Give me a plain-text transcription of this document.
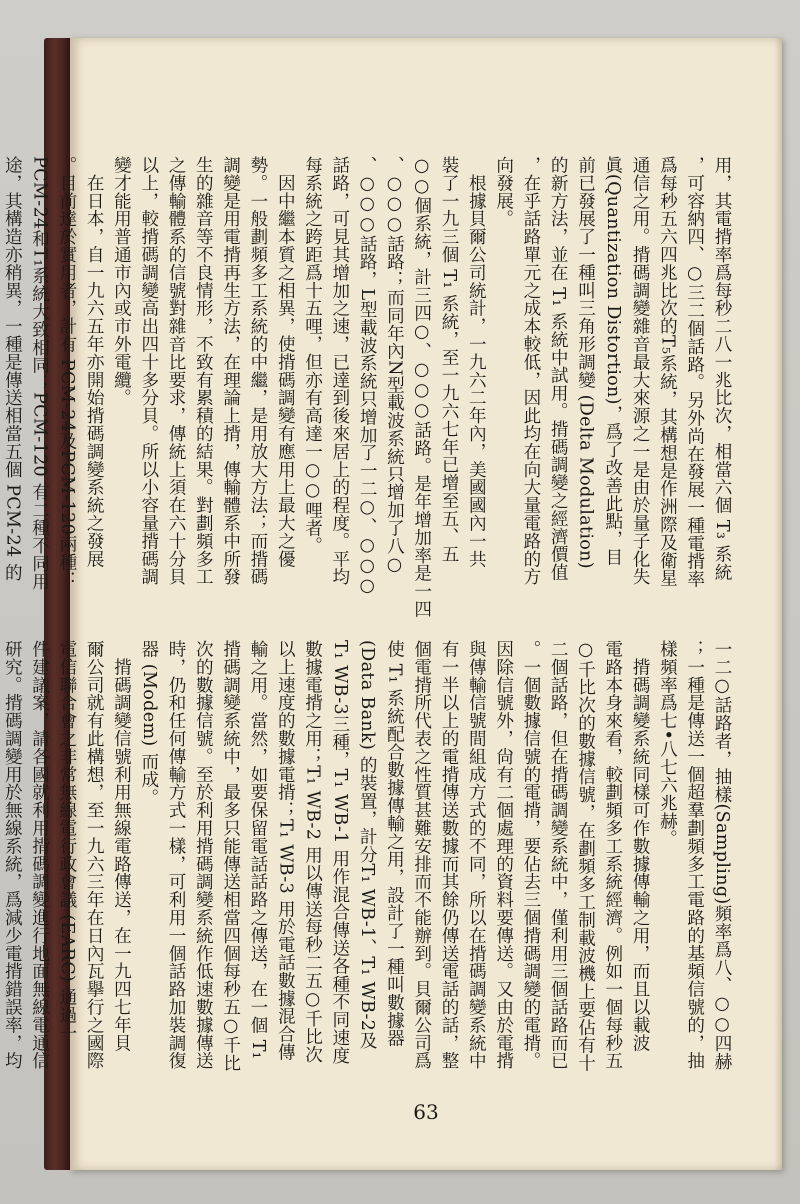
用，其電揹率爲每秒二八一兆比次，相當六個 T₃ 系統
，可容納四、○三二個話路。另外尚在發展一種電揹率
爲每秒五六四兆比次的T₅系統，其構想是作洲際及衛星
通信之用。揹碼調變雜音最大來源之一是由於量子化失
眞(Quantization Distortion)，爲了改善此點，目
前已發展了一種叫三角形調變 (Delta Modulation)
的新方法，並在 T₁ 系統中試用。揹碼調變之經濟價值
，在乎話路單元之成本較低，因此均在向大量電路的方
向發展。
　根據貝爾公司統計，一九六二年內，美國國內一共
裝了一九三個 T₁ 系統，至一九六七年已增至五、五
○○個系統，計三四○、○○○話路。是年增加率是一四
、○○○話路；而同年內N型載波系統只增加了八○
、○○○話路，L型載波系統只增加了一二○、○○○
話路，可見其增加之速，已達到後來居上的程度。平均
每系統之跨距爲十五哩，但亦有高達一○○哩者。
　因中繼本質之相異，使揹碼調變有應用上最大之優
勢。一般劃頻多工系統的中繼，是用放大方法；而揹碼
調變是用電揹再生方法，在理論上揹，傳輸體系中所發
生的雜音等不良情形，不致有累積的結果。對劃頻多工
之傳輸體系的信號對雜音比要求，傳統上須在六十分貝
以上，較揹碼調變高出四十多分貝。所以小容量揹碼調
變才能用普通市內或市外電纜。
　在日本，自一九六五年亦開始揹碼調變系統之發展
。目前達於實用者，計有 PCM-24及PCM-120兩種：
PCM-24和T₁系統大致相同；PCM-120 有二種不同用
途，其構造亦稍異，一種是傳送相當五個 PCM-24 的
一二○話路者，抽樣(Sampling)頻率爲八、○○四赫
；一種是傳送一個超羣劃頻多工電路的基頻信號的，抽
樣頻率爲七•八七六兆赫。
　揹碼調變系統同樣可作數據傳輸之用，而且以載波
電路本身來看，較劃頻多工系統經濟。例如一個每秒五
○千比次的數據信號，在劃頻多工制載波機上要佔有十
二個話路，但在揹碼調變系統中，僅利用三個話路而已
。一個數據信號的電揹，要佔去三個揹碼調變的電揹。
因除信號外，尙有二個處理的資料要傳送。又由於電揹
與傳輸信號間組成方式的不同，所以在揹碼調變系統中
有一半以上的電揹傳送數據而其餘仍傳送電話的話，整
個電揹所代表之性質甚難安排而不能辦到。貝爾公司爲
使 T₁ 系統配合數據傳輸之用，設計了一種叫數據器
(Data Bank) 的裝置，計分T₁ WB-1、T₁ WB-2及
T₁ WB-3三種，T₁ WB-1 用作混合傳送各種不同速度
數據電揹之用；T₁ WB-2 用以傳送每秒二五○千比次
以上速度的數據電揹；T₁ WB-3 用於電話數據混合傳
輸之用。當然，如要保留電話話路之傳送，在一個 T₁
揹碼調變系統中，最多只能傳送相當四個每秒五○千比
次的數據信號。至於利用揹碼調變系統作低速數據傳送
時，仍和任何傳輸方式一樣，可利用一個話路加裝調復
器 (Modem) 而成。
　揹碼調變信號利用無線電路傳送，在一九四七年貝
爾公司就有此構想，至一九六三年在日內瓦擧行之國際
電信聯合會之非常無線電行政會議 (EARC) 通過一
件建議案，請各國就利用揹碼調變進行地面無線電通信
研究。揹碼調變用於無線系統，爲減少電揹錯誤率，均
63
